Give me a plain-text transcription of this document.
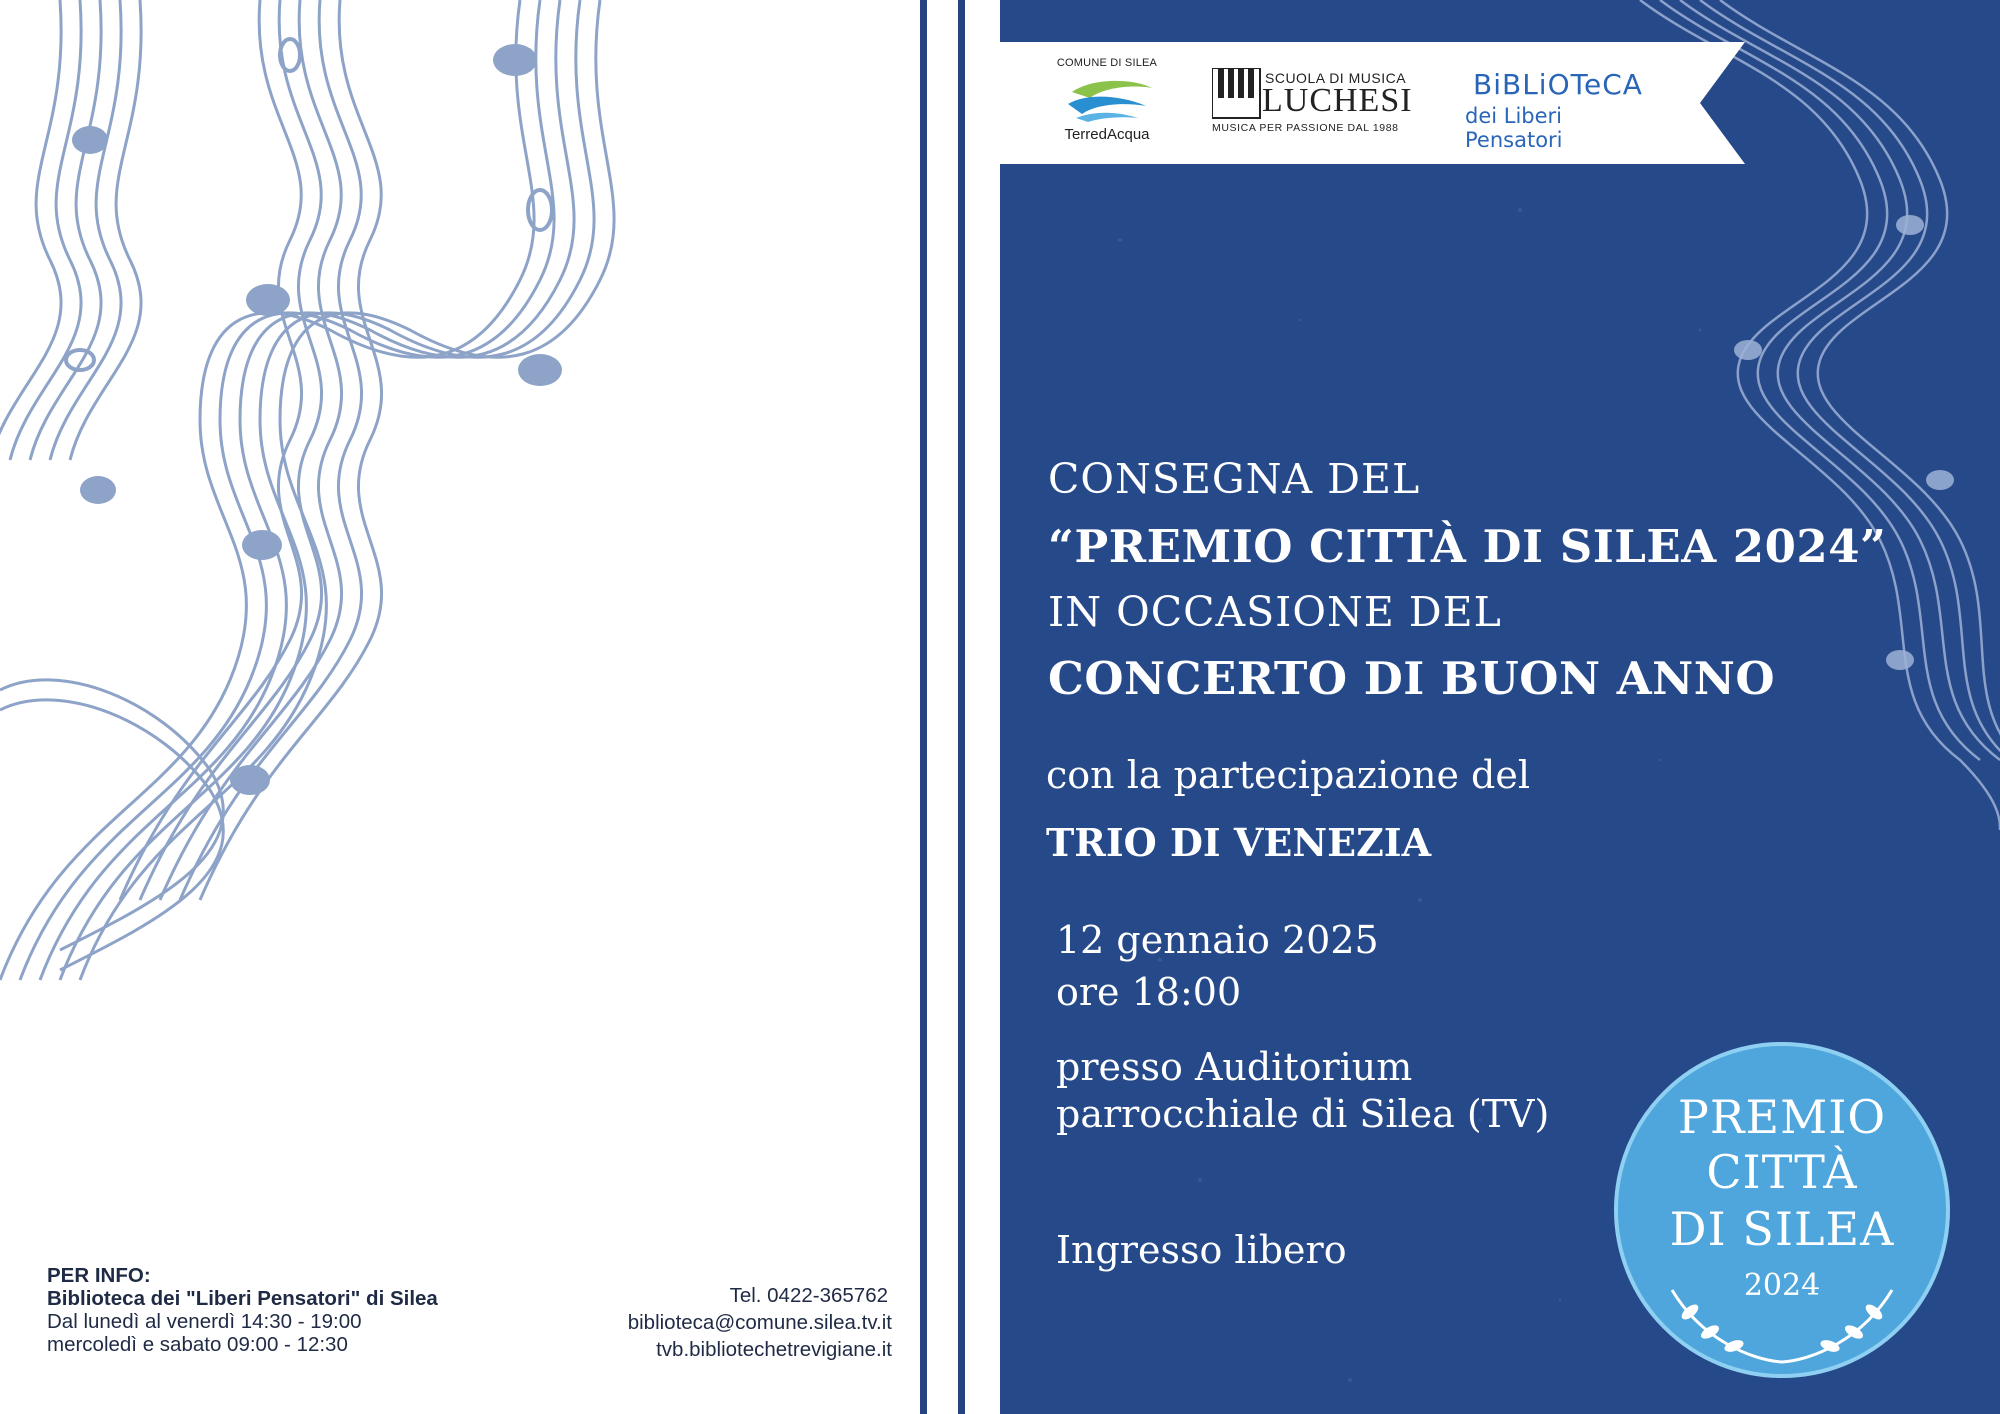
PER INFO:
Biblioteca dei "Liberi Pensatori" di Silea
Dal lunedì al venerdì 14:30 - 19:00
mercoledì e sabato 09:00 - 12:30
Tel. 0422-365762
biblioteca@comune.silea.tv.it
tvb.bibliotechetrevigiane.it
COMUNE DI SILEA
TerredAcqua
SCUOLA DI MUSICA
LUCHESI
MUSICA PER PASSIONE DAL 1988
BiBLiOTeCA
dei Liberi Pensatori
CONSEGNA DEL
“PREMIO CITTÀ DI SILEA 2024”
IN OCCASIONE DEL
CONCERTO DI BUON ANNO
con la partecipazione del
TRIO DI VENEZIA
12 gennaio 2025
ore 18:00
presso Auditorium
parrocchiale di Silea (TV)
Ingresso libero
PREMIO
CITTÀ
DI SILEA
2024
